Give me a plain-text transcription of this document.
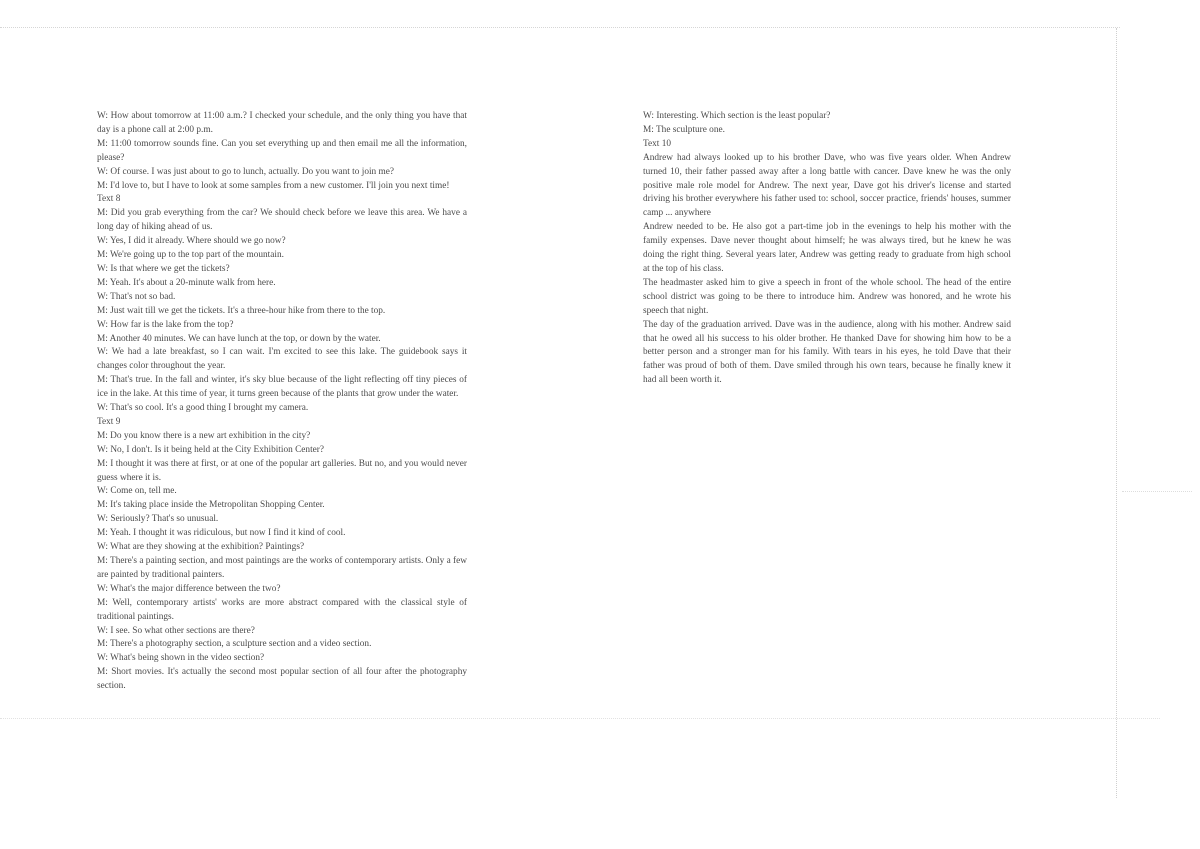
W: How about tomorrow at 11:00 a.m.? I checked your schedule, and the only thing you have that day is a phone call at 2:00 p.m.

M: 11:00 tomorrow sounds fine. Can you set everything up and then email me all the information, please?

W: Of course. I was just about to go to lunch, actually. Do you want to join me?

M: I'd love to, but I have to look at some samples from a new customer. I'll join you next time!

Text 8

M: Did you grab everything from the car? We should check before we leave this area. We have a long day of hiking ahead of us.

W: Yes, I did it already. Where should we go now?

M: We're going up to the top part of the mountain.

W: Is that where we get the tickets?

M: Yeah. It's about a 20-minute walk from here.

W: That's not so bad.

M: Just wait till we get the tickets. It's a three-hour hike from there to the top.

W: How far is the lake from the top?

M: Another 40 minutes. We can have lunch at the top, or down by the water.

W: We had a late breakfast, so I can wait. I'm excited to see this lake. The guidebook says it changes color throughout the year.

M: That's true. In the fall and winter, it's sky blue because of the light reflecting off tiny pieces of ice in the lake. At this time of year, it turns green because of the plants that grow under the water.

W: That's so cool. It's a good thing I brought my camera.

Text 9

M: Do you know there is a new art exhibition in the city?

W: No, I don't. Is it being held at the City Exhibition Center?

M: I thought it was there at first, or at one of the popular art galleries. But no, and you would never guess where it is.

W: Come on, tell me.

M: It's taking place inside the Metropolitan Shopping Center.

W: Seriously? That's so unusual.

M: Yeah. I thought it was ridiculous, but now I find it kind of cool.

W: What are they showing at the exhibition? Paintings?

M: There's a painting section, and most paintings are the works of contemporary artists. Only a few are painted by traditional painters.

W: What's the major difference between the two?

M: Well, contemporary artists' works are more abstract compared with the classical style of traditional paintings.

W: I see. So what other sections are there?

M: There's a photography section, a sculpture section and a video section.

W: What's being shown in the video section?

M: Short movies. It's actually the second most popular section of all four after the photography section.

W: Interesting. Which section is the least popular?

M: The sculpture one.

Text 10

Andrew had always looked up to his brother Dave, who was five years older. When Andrew turned 10, their father passed away after a long battle with cancer. Dave knew he was the only positive male role model for Andrew. The next year, Dave got his driver's license and started driving his brother everywhere his father used to: school, soccer practice, friends' houses, summer camp ... anywhere

Andrew needed to be. He also got a part-time job in the evenings to help his mother with the family expenses. Dave never thought about himself; he was always tired, but he knew he was doing the right thing. Several years later, Andrew was getting ready to graduate from high school at the top of his class.

The headmaster asked him to give a speech in front of the whole school. The head of the entire school district was going to be there to introduce him. Andrew was honored, and he wrote his speech that night.

The day of the graduation arrived. Dave was in the audience, along with his mother. Andrew said that he owed all his success to his older brother. He thanked Dave for showing him how to be a better person and a stronger man for his family. With tears in his eyes, he told Dave that their father was proud of both of them. Dave smiled through his own tears, because he finally knew it had all been worth it.
